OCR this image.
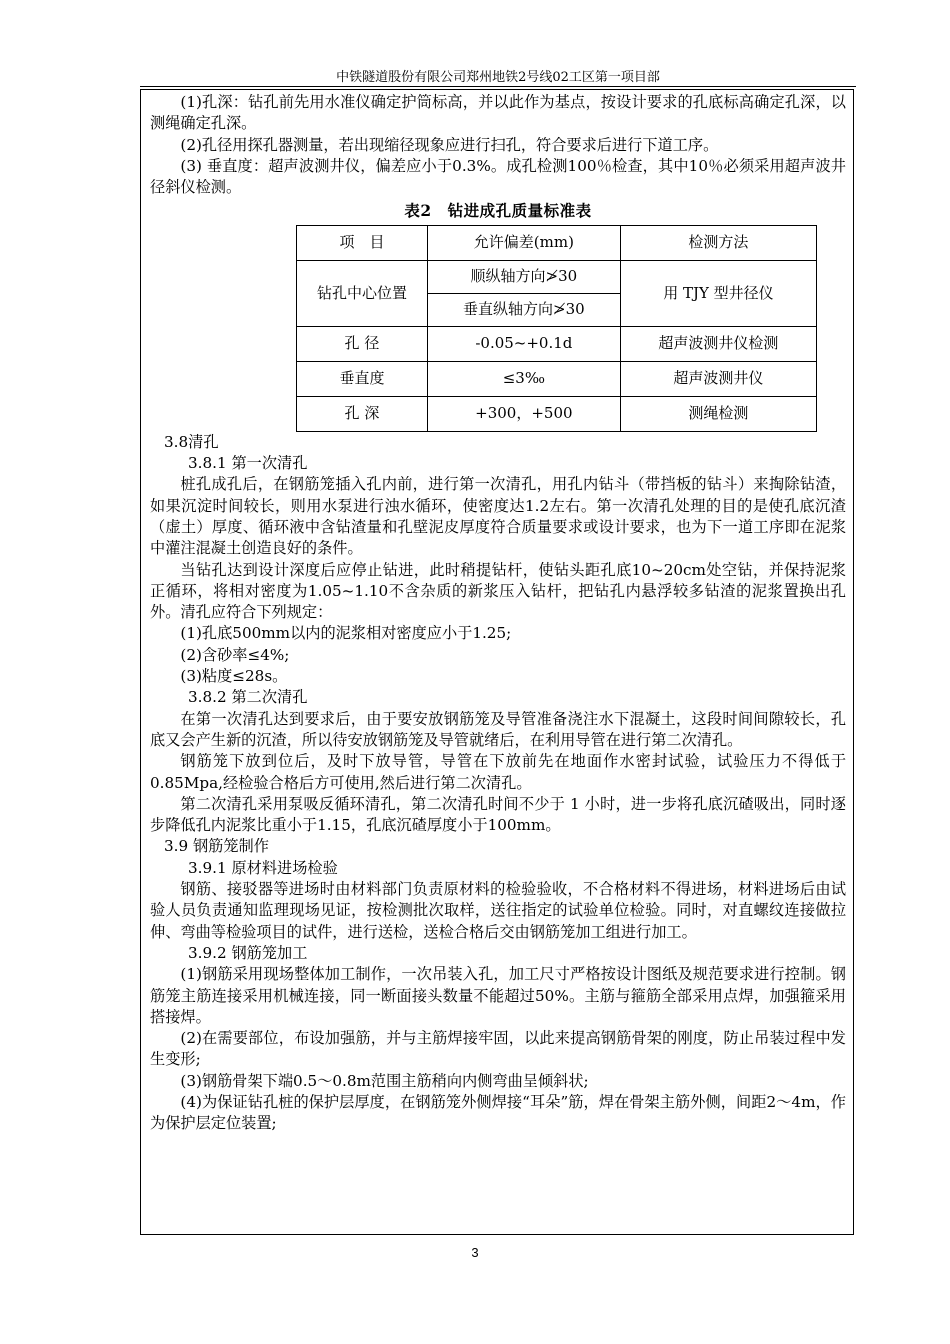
中铁隧道股份有限公司郑州地铁2号线02工区第一项目部

(1)孔深：钻孔前先用水准仪确定护筒标高，并以此作为基点，按设计要求的孔底标高确定孔深，以测绳确定孔深。

(2)孔径用探孔器测量，若出现缩径现象应进行扫孔，符合要求后进行下道工序。

(3) 垂直度：超声波测井仪，偏差应小于0.3%。成孔检测100％检查，其中10％必须采用超声波井径斜仪检测。

表2　钻进成孔质量标准表
项　目	允许偏差(mm)	检测方法
钻孔中心位置	顺纵轴方向≯30	用 TJY 型井径仪
	垂直纵轴方向≯30	
孔 径	-0.05~+0.1d	超声波测井仪检测
垂直度	≤3‰	超声波测井仪
孔 深	+300，+500	测绳检测

3.8清孔

3.8.1 第一次清孔

桩孔成孔后，在钢筋笼插入孔内前，进行第一次清孔，用孔内钻斗（带挡板的钻斗）来掏除钻渣，如果沉淀时间较长，则用水泵进行浊水循环，使密度达1.2左右。第一次清孔处理的目的是使孔底沉渣（虚土）厚度、循环液中含钻渣量和孔壁泥皮厚度符合质量要求或设计要求，也为下一道工序即在泥浆中灌注混凝土创造良好的条件。

当钻孔达到设计深度后应停止钻进，此时稍提钻杆，使钻头距孔底10~20cm处空钻，并保持泥浆正循环，将相对密度为1.05~1.10不含杂质的新浆压入钻杆，把钻孔内悬浮较多钻渣的泥浆置换出孔外。清孔应符合下列规定：

(1)孔底500mm以内的泥浆相对密度应小于1.25;

(2)含砂率≤4%;

(3)粘度≤28s。

3.8.2 第二次清孔

在第一次清孔达到要求后，由于要安放钢筋笼及导管准备浇注水下混凝土，这段时间间隙较长，孔底又会产生新的沉渣，所以待安放钢筋笼及导管就绪后，在利用导管在进行第二次清孔。

钢筋笼下放到位后，及时下放导管，导管在下放前先在地面作水密封试验，试验压力不得低于0.85Mpa,经检验合格后方可使用,然后进行第二次清孔。

第二次清孔采用泵吸反循环清孔，第二次清孔时间不少于 1 小时，进一步将孔底沉碴吸出，同时逐步降低孔内泥浆比重小于1.15，孔底沉碴厚度小于100mm。

3.9 钢筋笼制作

3.9.1 原材料进场检验

钢筋、接驳器等进场时由材料部门负责原材料的检验验收，不合格材料不得进场，材料进场后由试验人员负责通知监理现场见证，按检测批次取样，送往指定的试验单位检验。同时，对直螺纹连接做拉伸、弯曲等检验项目的试件，进行送检，送检合格后交由钢筋笼加工组进行加工。

3.9.2 钢筋笼加工

(1)钢筋采用现场整体加工制作，一次吊装入孔，加工尺寸严格按设计图纸及规范要求进行控制。钢筋笼主筋连接采用机械连接，同一断面接头数量不能超过50%。主筋与箍筋全部采用点焊，加强箍采用搭接焊。

(2)在需要部位，布设加强筋，并与主筋焊接牢固，以此来提高钢筋骨架的刚度，防止吊装过程中发生变形;

(3)钢筋骨架下端0.5～0.8m范围主筋稍向内侧弯曲呈倾斜状;

(4)为保证钻孔桩的保护层厚度，在钢筋笼外侧焊接“耳朵”筋，焊在骨架主筋外侧，间距2～4m，作为保护层定位装置;

3
